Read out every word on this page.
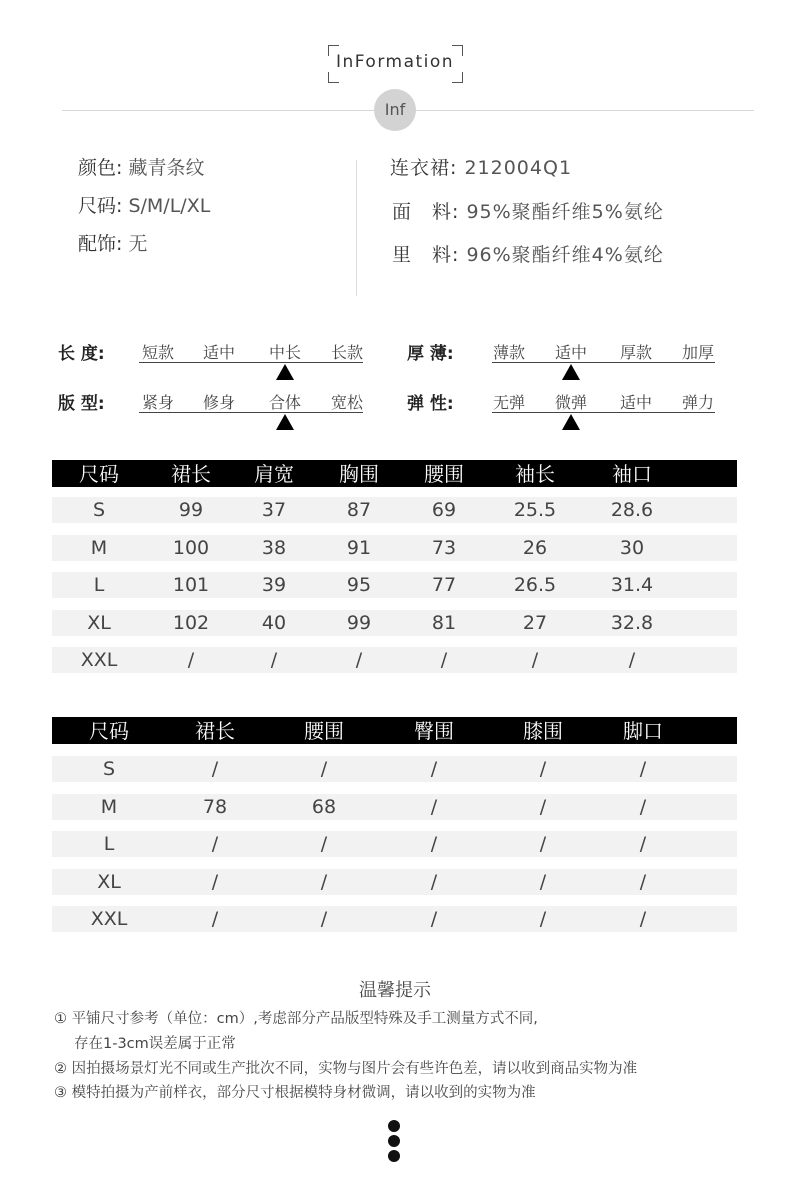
InFormation
Inf
颜色: 藏青条纹
尺码: S/M/L/XL
配饰: 无
连衣裙: 212004Q1
面　料: 95%聚酯纤维5%氨纶
里　料: 96%聚酯纤维4%氨纶
长 度:	短款	适中	中长	长款	厚 薄:	薄款	适中	厚款	加厚
版 型:	紧身	修身	合体	宽松	弹 性:	无弹	微弹	适中	弹力
尺码	裙长	肩宽	胸围	腰围	袖长	袖口
S	99	37	87	69	25.5	28.6
M	100	38	91	73	26	30
L	101	39	95	77	26.5	31.4
XL	102	40	99	81	27	32.8
XXL	/	/	/	/	/	/
尺码	裙长	腰围	臀围	膝围	脚口
S	/	/	/	/	/
M	78	68	/	/	/
L	/	/	/	/	/
XL	/	/	/	/	/
XXL	/	/	/	/	/
温馨提示
① 平铺尺寸参考（单位：cm）,考虑部分产品版型特殊及手工测量方式不同,
存在1-3cm误差属于正常
② 因拍摄场景灯光不同或生产批次不同，实物与图片会有些许色差，请以收到商品实物为准
③ 模特拍摄为产前样衣，部分尺寸根据模特身材微调，请以收到的实物为准
